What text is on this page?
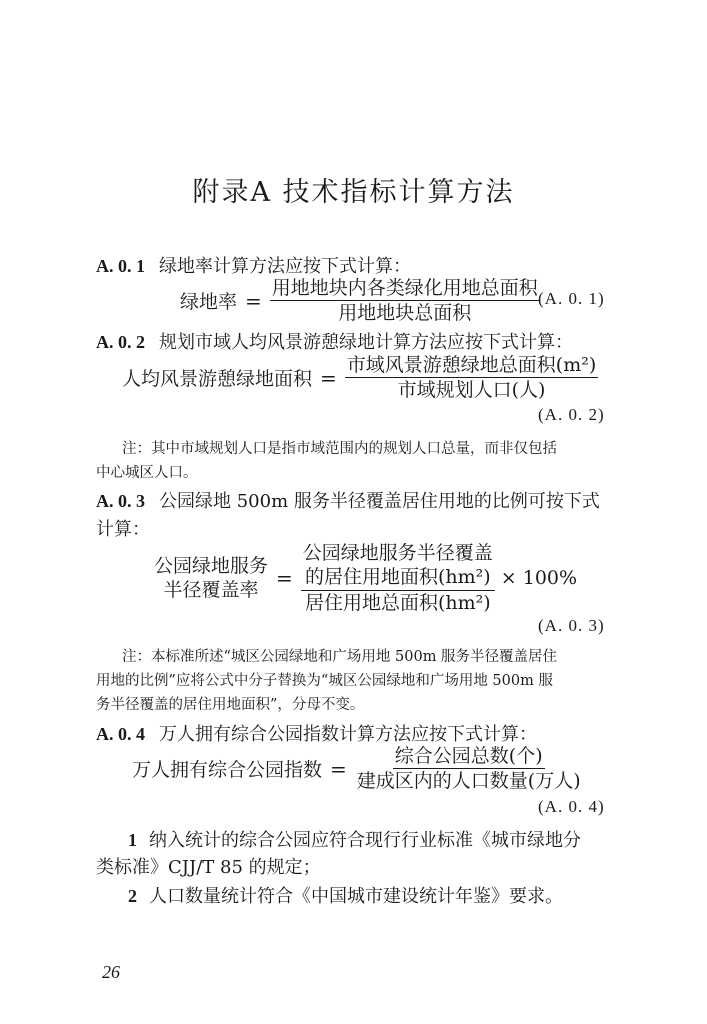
附录A 技术指标计算方法
A. 0. 1 绿地率计算方法应按下式计算：
绿地率 = $\frac{\text{用地地块内各类绿化用地总面积}}{\text{用地地块总面积}}$
(A. 0. 1)
A. 0. 2 规划市域人均风景游憩绿地计算方法应按下式计算：
人均风景游憩绿地面积 = $\frac{\text{市域风景游憩绿地总面积(m²)}}{\text{市域规划人口(人)}}$
(A. 0. 2)
注：其中市域规划人口是指市域范围内的规划人口总量，而非仅包括
中心城区人口。
A. 0. 3 公园绿地 500m 服务半径覆盖居住用地的比例可按下式
计算：
公园绿地服务
半径覆盖率 =
公园绿地服务半径覆盖
的居住用地面积(hm²)
居住用地总面积(hm²)
× 100%
(A. 0. 3)
注：本标准所述“城区公园绿地和广场用地 500m 服务半径覆盖居住
用地的比例”应将公式中分子替换为“城区公园绿地和广场用地 500m 服
务半径覆盖的居住用地面积”，分母不变。
A. 0. 4 万人拥有综合公园指数计算方法应按下式计算：
万人拥有综合公园指数 = $\frac{\text{综合公园总数(个)}}{\text{建成区内的人口数量(万人)}}$
(A. 0. 4)
1 纳入统计的综合公园应符合现行行业标准《城市绿地分
类标准》CJJ/T 85 的规定；
2 人口数量统计符合《中国城市建设统计年鉴》要求。
26
